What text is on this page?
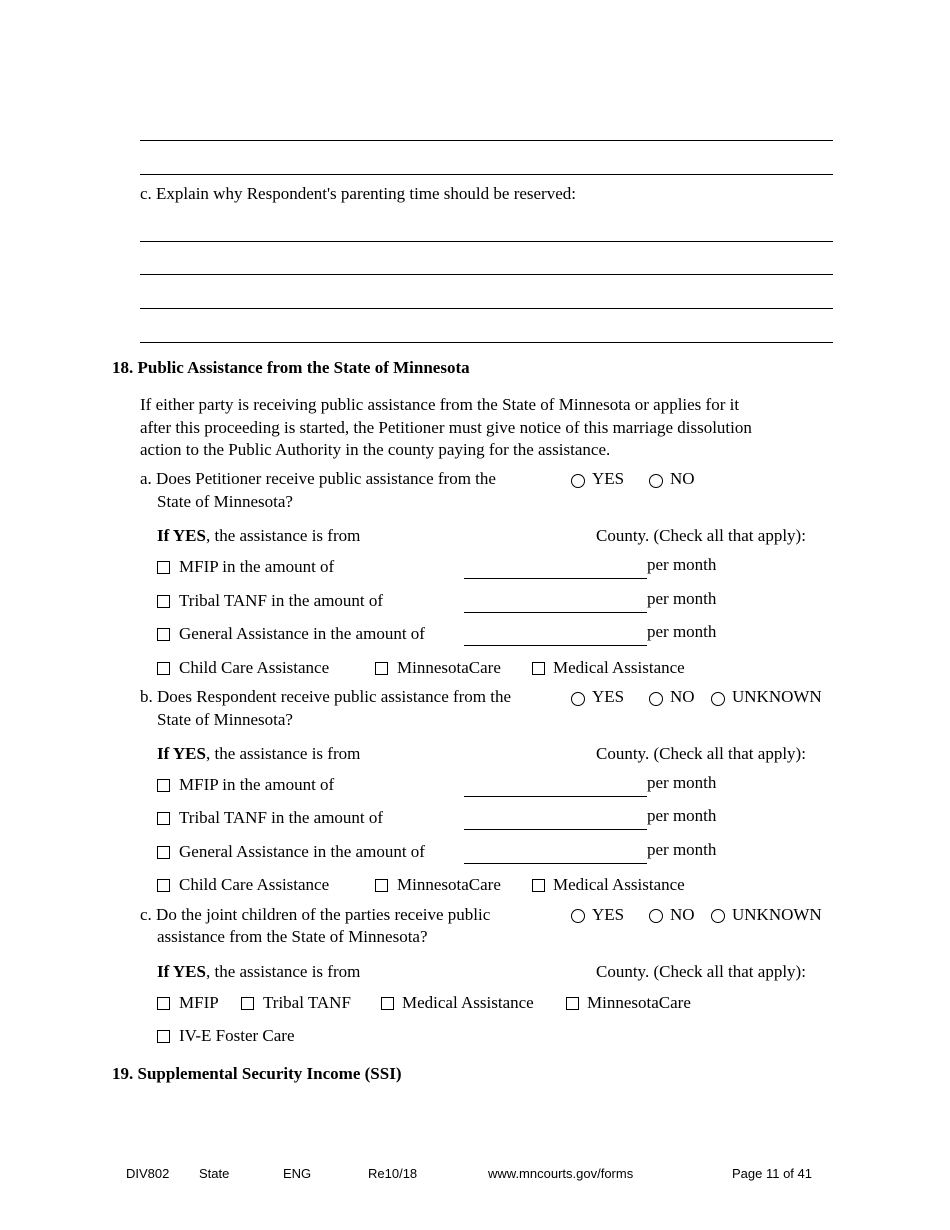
c. Explain why Respondent's parenting time should be reserved:
18. Public Assistance from the State of Minnesota
If either party is receiving public assistance from the State of Minnesota or applies for it
after this proceeding is started, the Petitioner must give notice of this marriage dissolution
action to the Public Authority in the county paying for the assistance.
a. Does Petitioner receive public assistance from the
State of Minnesota?
YES	NO
If YES, the assistance is from	County. (Check all that apply):
MFIP in the amount of	per month
Tribal TANF in the amount of	per month
General Assistance in the amount of	per month
Child Care Assistance	MinnesotaCare	Medical Assistance
b. Does Respondent receive public assistance from the
State of Minnesota?
YES	NO UNKNOWN
If YES, the assistance is from	County. (Check all that apply):
MFIP in the amount of	per month
Tribal TANF in the amount of	per month
General Assistance in the amount of	per month
Child Care Assistance	MinnesotaCare	Medical Assistance
c. Do the joint children of the parties receive public
assistance from the State of Minnesota?
YES	NO UNKNOWN
If YES, the assistance is from	County. (Check all that apply):
MFIP	Tribal TANF	Medical Assistance	MinnesotaCare
IV-E Foster Care
19. Supplemental Security Income (SSI)
DIV802 State	ENG	Re10/18	www.mncourts.gov/forms	Page 11 of 41
